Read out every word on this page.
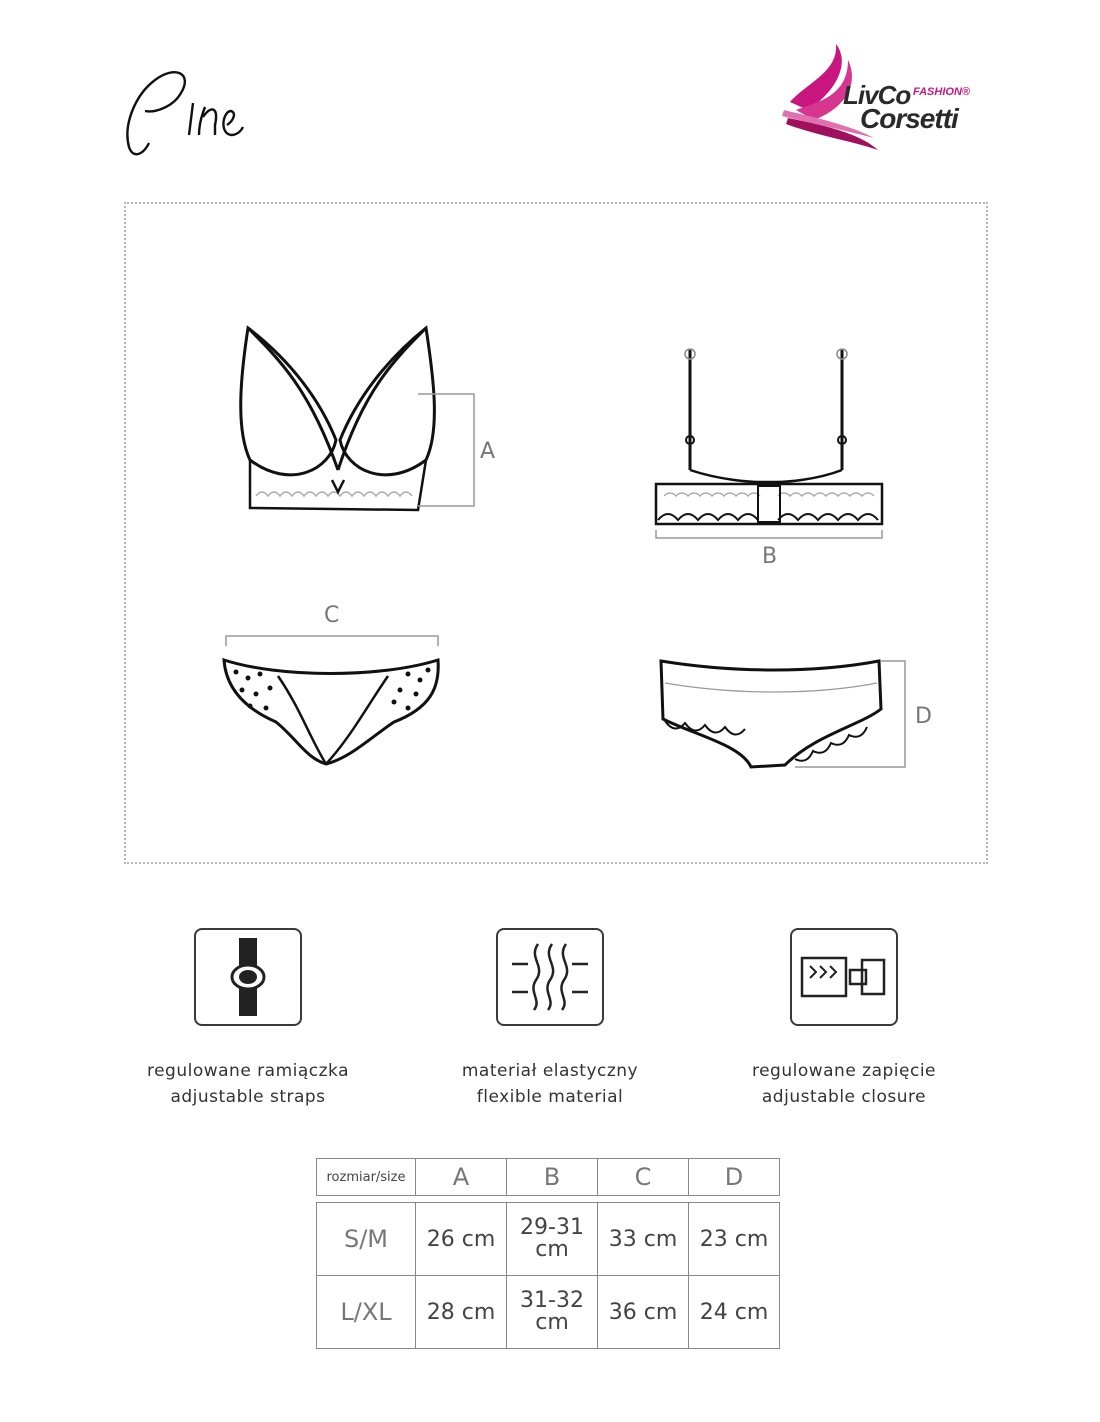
Pine
LivCo FASHION®
Corsetti
A
B
C
D
regulowane ramiączka
adjustable straps
materiał elastyczny
flexible material
regulowane zapięcie
adjustable closure
rozmiar/size	A	B	C	D

S/M	26 cm	29-31 cm	33 cm	23 cm
L/XL	28 cm	31-32 cm	36 cm	24 cm
